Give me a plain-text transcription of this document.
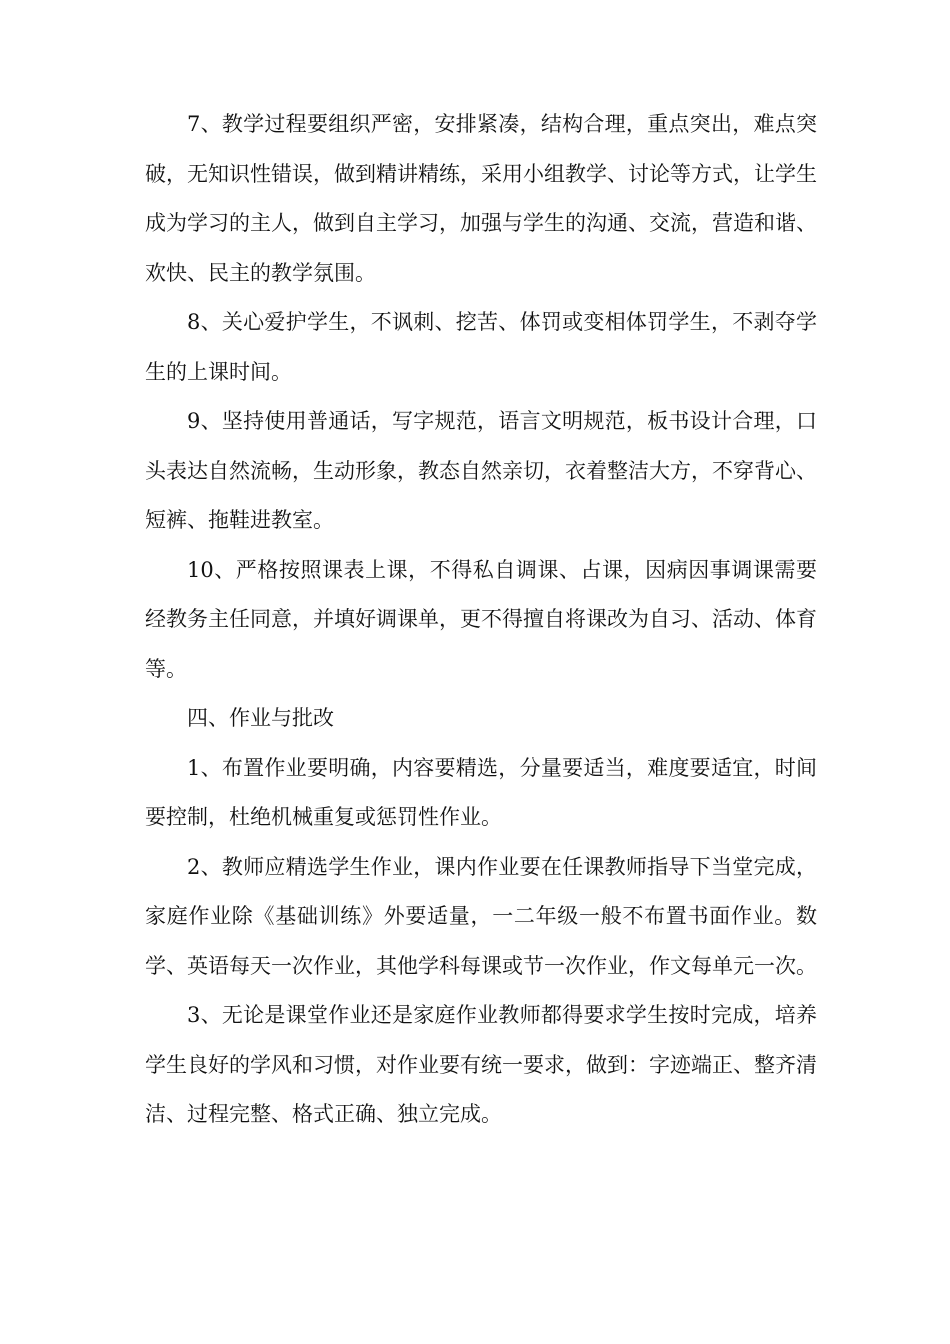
7、教学过程要组织严密，安排紧凑，结构合理，重点突出，难点突破，无知识性错误，做到精讲精练，采用小组教学、讨论等方式，让学生成为学习的主人，做到自主学习，加强与学生的沟通、交流，营造和谐、欢快、民主的教学氛围。

8、关心爱护学生，不讽刺、挖苦、体罚或变相体罚学生，不剥夺学生的上课时间。

9、坚持使用普通话，写字规范，语言文明规范，板书设计合理，口头表达自然流畅，生动形象，教态自然亲切，衣着整洁大方，不穿背心、短裤、拖鞋进教室。

10、严格按照课表上课，不得私自调课、占课，因病因事调课需要经教务主任同意，并填好调课单，更不得擅自将课改为自习、活动、体育等。

四、作业与批改

1、布置作业要明确，内容要精选，分量要适当，难度要适宜，时间要控制，杜绝机械重复或惩罚性作业。

2、教师应精选学生作业，课内作业要在任课教师指导下当堂完成，家庭作业除《基础训练》外要适量，一二年级一般不布置书面作业。数学、英语每天一次作业，其他学科每课或节一次作业，作文每单元一次。

3、无论是课堂作业还是家庭作业教师都得要求学生按时完成，培养学生良好的学风和习惯，对作业要有统一要求，做到：字迹端正、整齐清洁、过程完整、格式正确、独立完成。
